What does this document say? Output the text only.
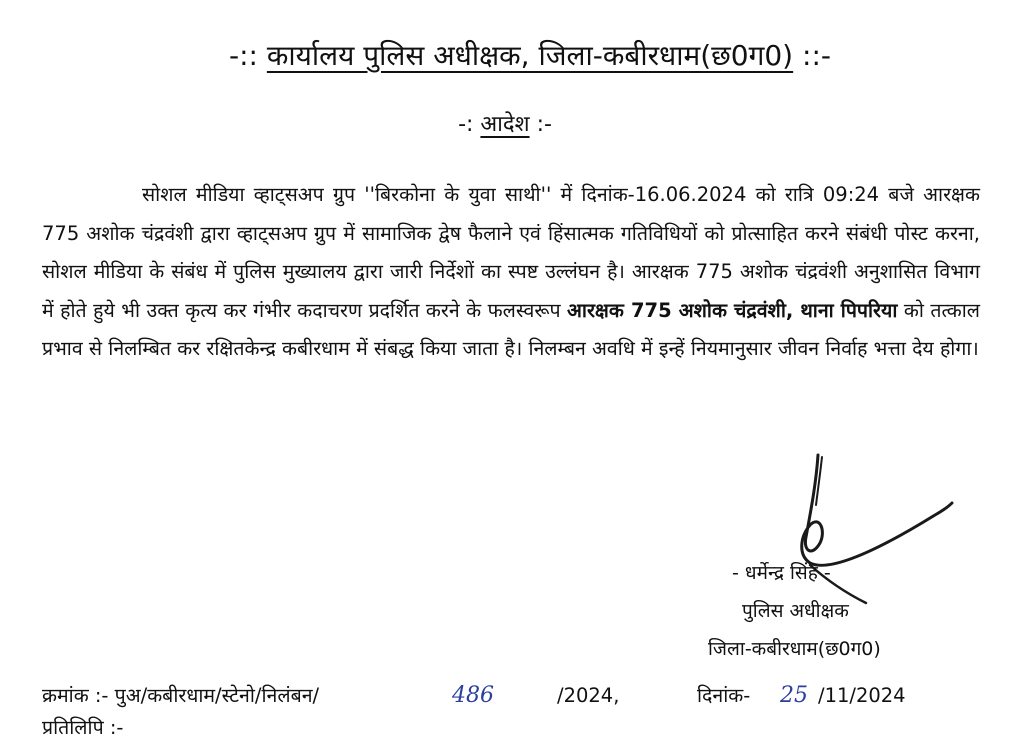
-:: कार्यालय पुलिस अधीक्षक, जिला-कबीरधाम(छ0ग0) ::-
-: आदेश :-
सोशल मीडिया व्हाट्सअप ग्रुप ''बिरकोना के युवा साथी'' में दिनांक-16.06.2024 को रात्रि 09:24 बजे आरक्षक 775 अशोक चंद्रवंशी द्वारा व्हाट्सअप ग्रुप में सामाजिक द्वेष फैलाने एवं हिंसात्मक गतिविधियों को प्रोत्साहित करने संबंधी पोस्ट करना, सोशल मीडिया के संबंध में पुलिस मुख्यालय द्वारा जारी निर्देशों का स्पष्ट उल्लंघन है। आरक्षक 775 अशोक चंद्रवंशी अनुशासित विभाग में होते हुये भी उक्त कृत्य कर गंभीर कदाचरण प्रदर्शित करने के फलस्वरूप आरक्षक 775 अशोक चंद्रवंशी, थाना पिपरिया को तत्काल प्रभाव से निलम्बित कर रक्षितकेन्द्र कबीरधाम में संबद्ध किया जाता है। निलम्बन अवधि में इन्हें नियमानुसार जीवन निर्वाह भत्ता देय होगा।
- धर्मेन्द्र सिंह -
पुलिस अधीक्षक
जिला-कबीरधाम(छ0ग0)
क्रमांक :- पुअ/कबीरधाम/स्टेनो/निलंबन/	486	/2024,	दिनांक- 25 /11/2024
प्रतिलिपि :-
